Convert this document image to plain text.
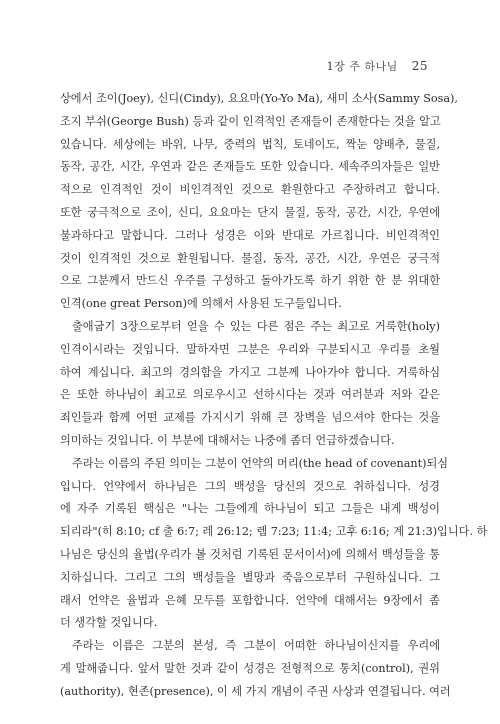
1장 주 하나님 25
상에서 조이(Joey), 신디(Cindy), 요요마(Yo-Yo Ma), 새미 소사(Sammy Sosa),
조지 부쉬(George Bush) 등과 같이 인격적인 존재들이 존재한다는 것을 알고
있습니다. 세상에는 바위, 나무, 중력의 법칙, 토네이도, 짝눈 양배추, 물질,
동작, 공간, 시간, 우연과 같은 존재들도 또한 있습니다. 세속주의자들은 일반
적으로 인격적인 것이 비인격적인 것으로 환원한다고 주장하려고 합니다.
또한 궁극적으로 조이, 신디, 요요마는 단지 물질, 동작, 공간, 시간, 우연에
불과하다고 말합니다. 그러나 성경은 이와 반대로 가르칩니다. 비인격적인
것이 인격적인 것으로 환원됩니다. 물질, 동작, 공간, 시간, 우연은 궁극적
으로 그분께서 만드신 우주를 구성하고 돌아가도록 하기 위한 한 분 위대한
인격(one great Person)에 의해서 사용된 도구들입니다.
출애굽기 3장으로부터 얻을 수 있는 다른 점은 주는 최고로 거룩한(holy)
인격이시라는 것입니다. 말하자면 그분은 우리와 구분되시고 우리를 초월
하여 계십니다. 최고의 경의함을 가지고 그분께 나아가야 합니다. 거룩하심
은 또한 하나님이 최고로 의로우시고 선하시다는 것과 여러분과 저와 같은
죄인들과 함께 어떤 교제를 가지시기 위해 큰 장벽을 넘으셔야 한다는 것을
의미하는 것입니다. 이 부분에 대해서는 나중에 좀더 언급하겠습니다.
주라는 이름의 주된 의미는 그분이 언약의 머리(the head of covenant)되심
입니다. 언약에서 하나님은 그의 백성을 당신의 것으로 취하십니다. 성경
에 자주 기록된 핵심은 "나는 그들에게 하나님이 되고 그들은 내게 백성이
되리라"(히 8:10; cf 출 6:7; 레 26:12; 렘 7:23; 11:4; 고후 6:16; 계 21:3)입니다. 하
나님은 당신의 율법(우리가 볼 것처럼 기록된 문서이서)에 의해서 백성들을 통
치하십니다. 그리고 그의 백성들을 별망과 죽음으로부터 구원하십니다. 그
래서 언약은 율법과 은혜 모두를 포함합니다. 언약에 대해서는 9장에서 좀
더 생각할 것입니다.
주라는 이름은 그분의 본성, 즉 그분이 어떠한 하나님이신지를 우리에
게 말해줍니다. 앞서 말한 것과 같이 성경은 전형적으로 통치(control), 권위
(authority), 현존(presence), 이 세 가지 개념이 주권 사상과 연결됩니다. 여러
